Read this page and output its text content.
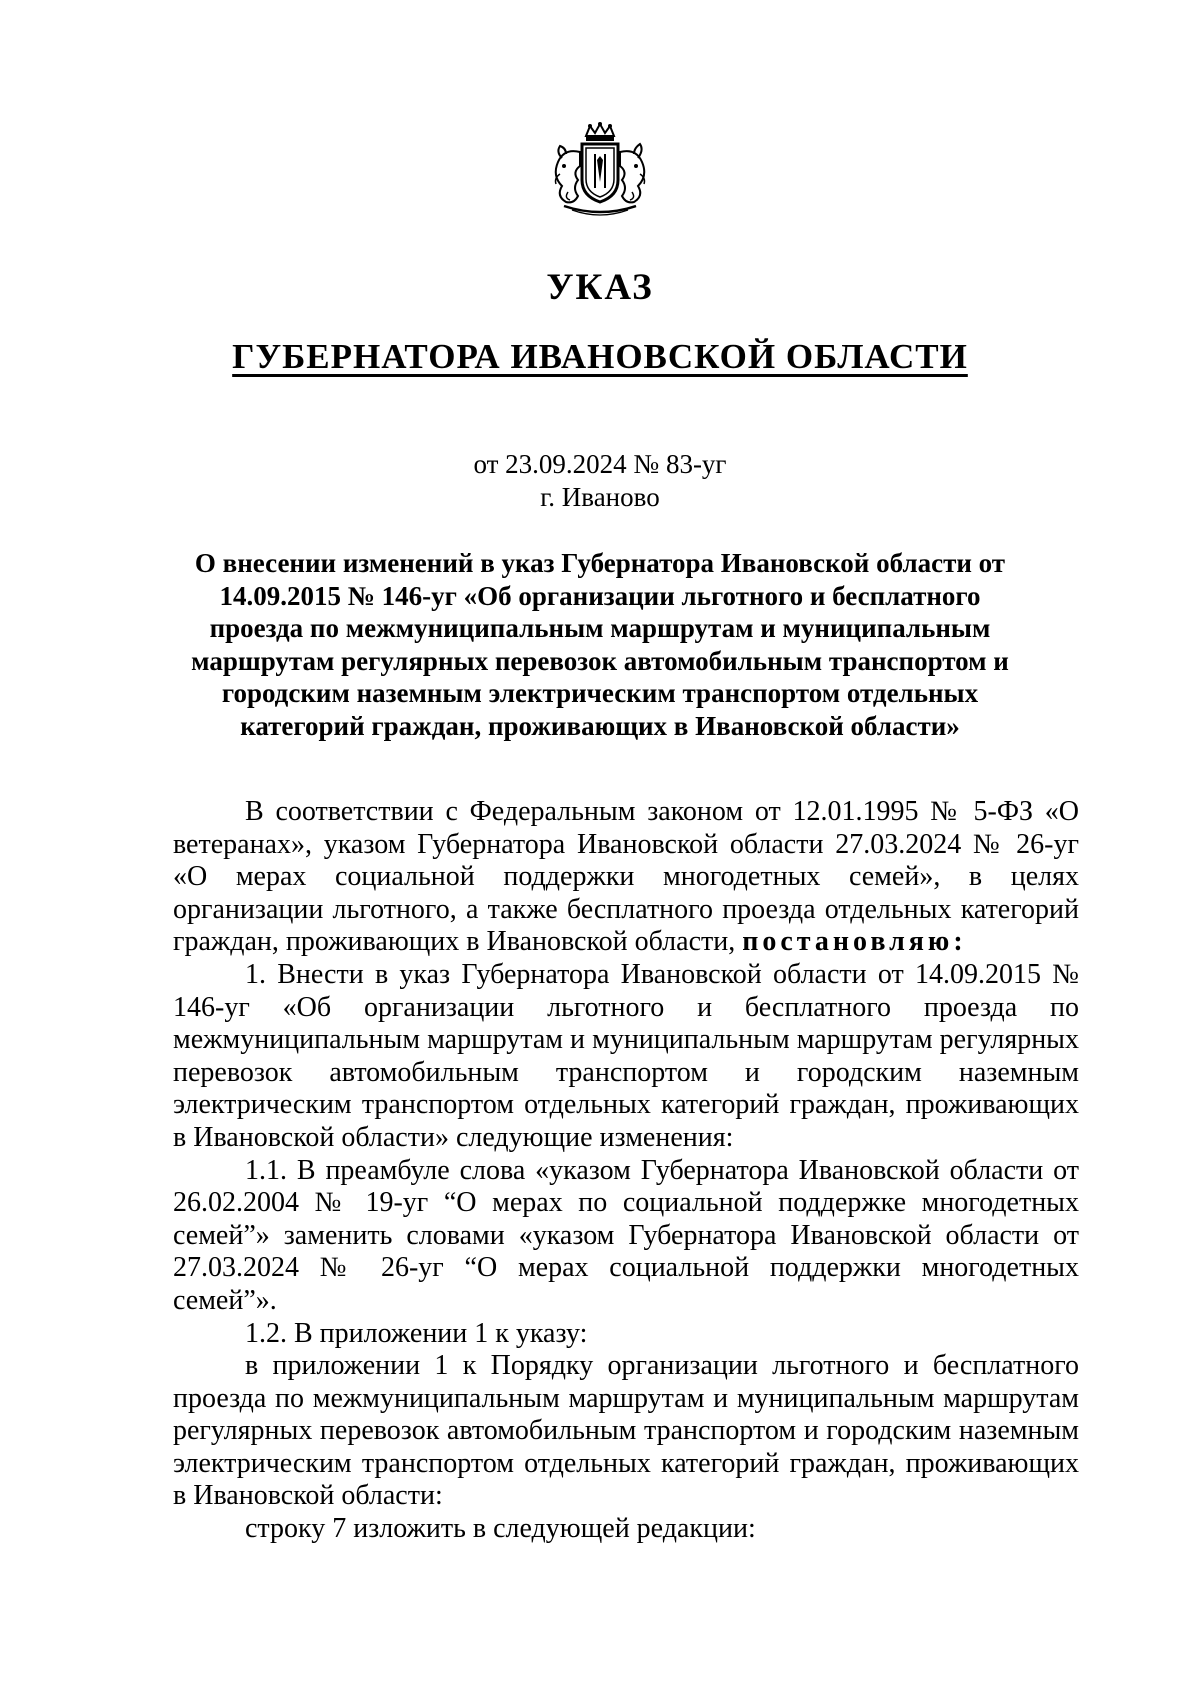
УКАЗ
ГУБЕРНАТОРА ИВАНОВСКОЙ ОБЛАСТИ
от 23.09.2024 № 83-уг
г. Иваново
О внесении изменений в указ Губернатора Ивановской области от 14.09.2015 № 146-уг «Об организации льготного и бесплатного проезда по межмуниципальным маршрутам и муниципальным маршрутам регулярных перевозок автомобильным транспортом и городским наземным электрическим транспортом отдельных категорий граждан, проживающих в Ивановской области»

В соответствии с Федеральным законом от 12.01.1995 № 5-ФЗ «О ветеранах», указом Губернатора Ивановской области 27.03.2024 № 26-уг «О мерах социальной поддержки многодетных семей», в целях организации льготного, а также бесплатного проезда отдельных категорий граждан, проживающих в Ивановской области, постановляю:

1. Внести в указ Губернатора Ивановской области от 14.09.2015 № 146-уг «Об организации льготного и бесплатного проезда по межмуниципальным маршрутам и муниципальным маршрутам регулярных перевозок автомобильным транспортом и городским наземным электрическим транспортом отдельных категорий граждан, проживающих в Ивановской области» следующие изменения:

1.1. В преамбуле слова «указом Губернатора Ивановской области от 26.02.2004 № 19-уг “О мерах по социальной поддержке многодетных семей”» заменить словами «указом Губернатора Ивановской области от 27.03.2024 № 26-уг “О мерах социальной поддержки многодетных семей”».

1.2. В приложении 1 к указу:

в приложении 1 к Порядку организации льготного и бесплатного проезда по межмуниципальным маршрутам и муниципальным маршрутам регулярных перевозок автомобильным транспортом и городским наземным электрическим транспортом отдельных категорий граждан, проживающих в Ивановской области:

строку 7 изложить в следующей редакции:
